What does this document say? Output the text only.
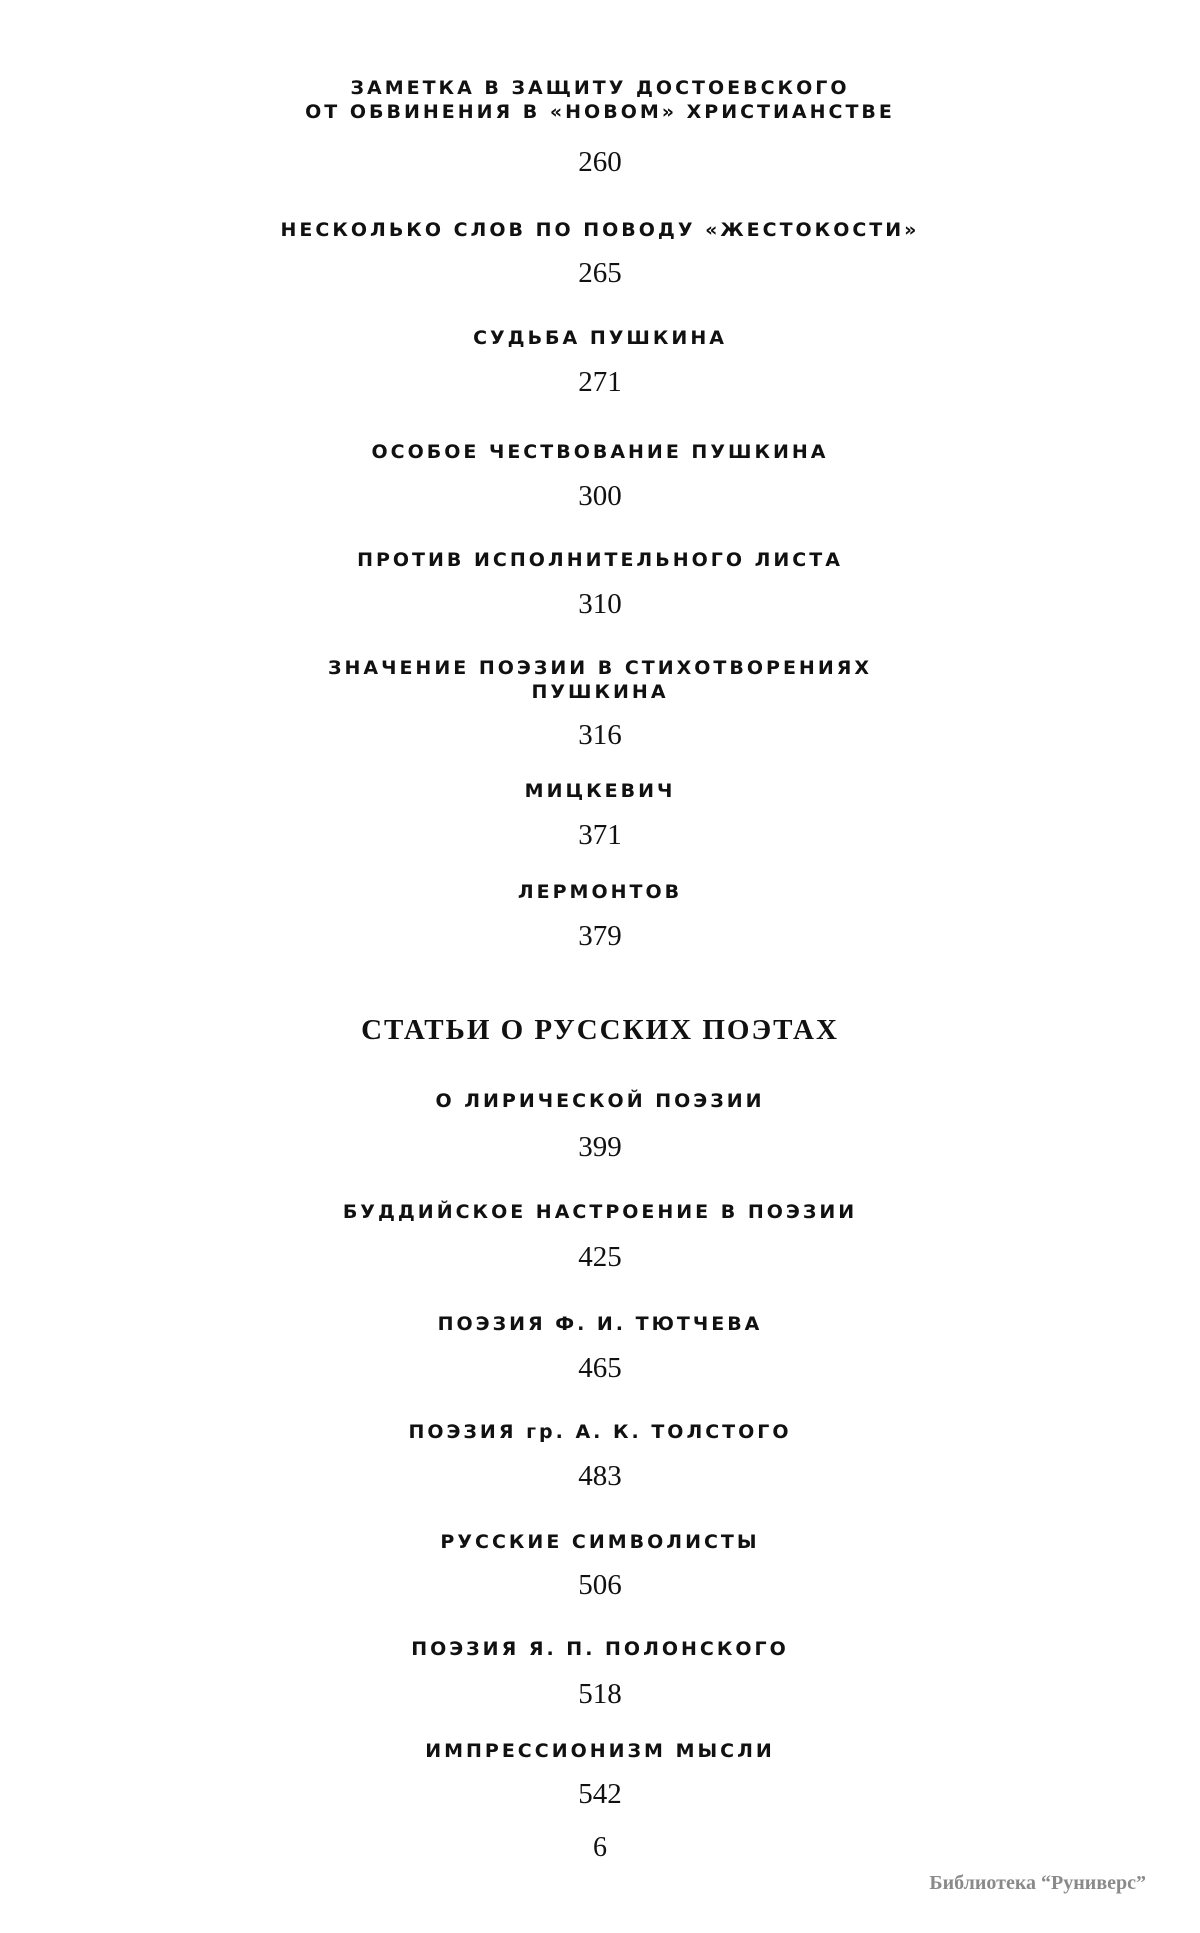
ЗАМЕТКА В ЗАЩИТУ ДОСТОЕВСКОГО
ОТ ОБВИНЕНИЯ В «НОВОМ» ХРИСТИАНСТВЕ
260
НЕСКОЛЬКО СЛОВ ПО ПОВОДУ «ЖЕСТОКОСТИ»
265
СУДЬБА ПУШКИНА
271
ОСОБОЕ ЧЕСТВОВАНИЕ ПУШКИНА
300
ПРОТИВ ИСПОЛНИТЕЛЬНОГО ЛИСТА
310
ЗНАЧЕНИЕ ПОЭЗИИ В СТИХОТВОРЕНИЯХ
ПУШКИНА
316
МИЦКЕВИЧ
371
ЛЕРМОНТОВ
379
СТАТЬИ О РУССКИХ ПОЭТАХ
О ЛИРИЧЕСКОЙ ПОЭЗИИ
399
БУДДИЙСКОЕ НАСТРОЕНИЕ В ПОЭЗИИ
425
ПОЭЗИЯ Ф. И. ТЮТЧЕВА
465
ПОЭЗИЯ гр. А. К. ТОЛСТОГО
483
РУССКИЕ СИМВОЛИСТЫ
506
ПОЭЗИЯ Я. П. ПОЛОНСКОГО
518
ИМПРЕССИОНИЗМ МЫСЛИ
542
6
Библиотека “Руниверс”
